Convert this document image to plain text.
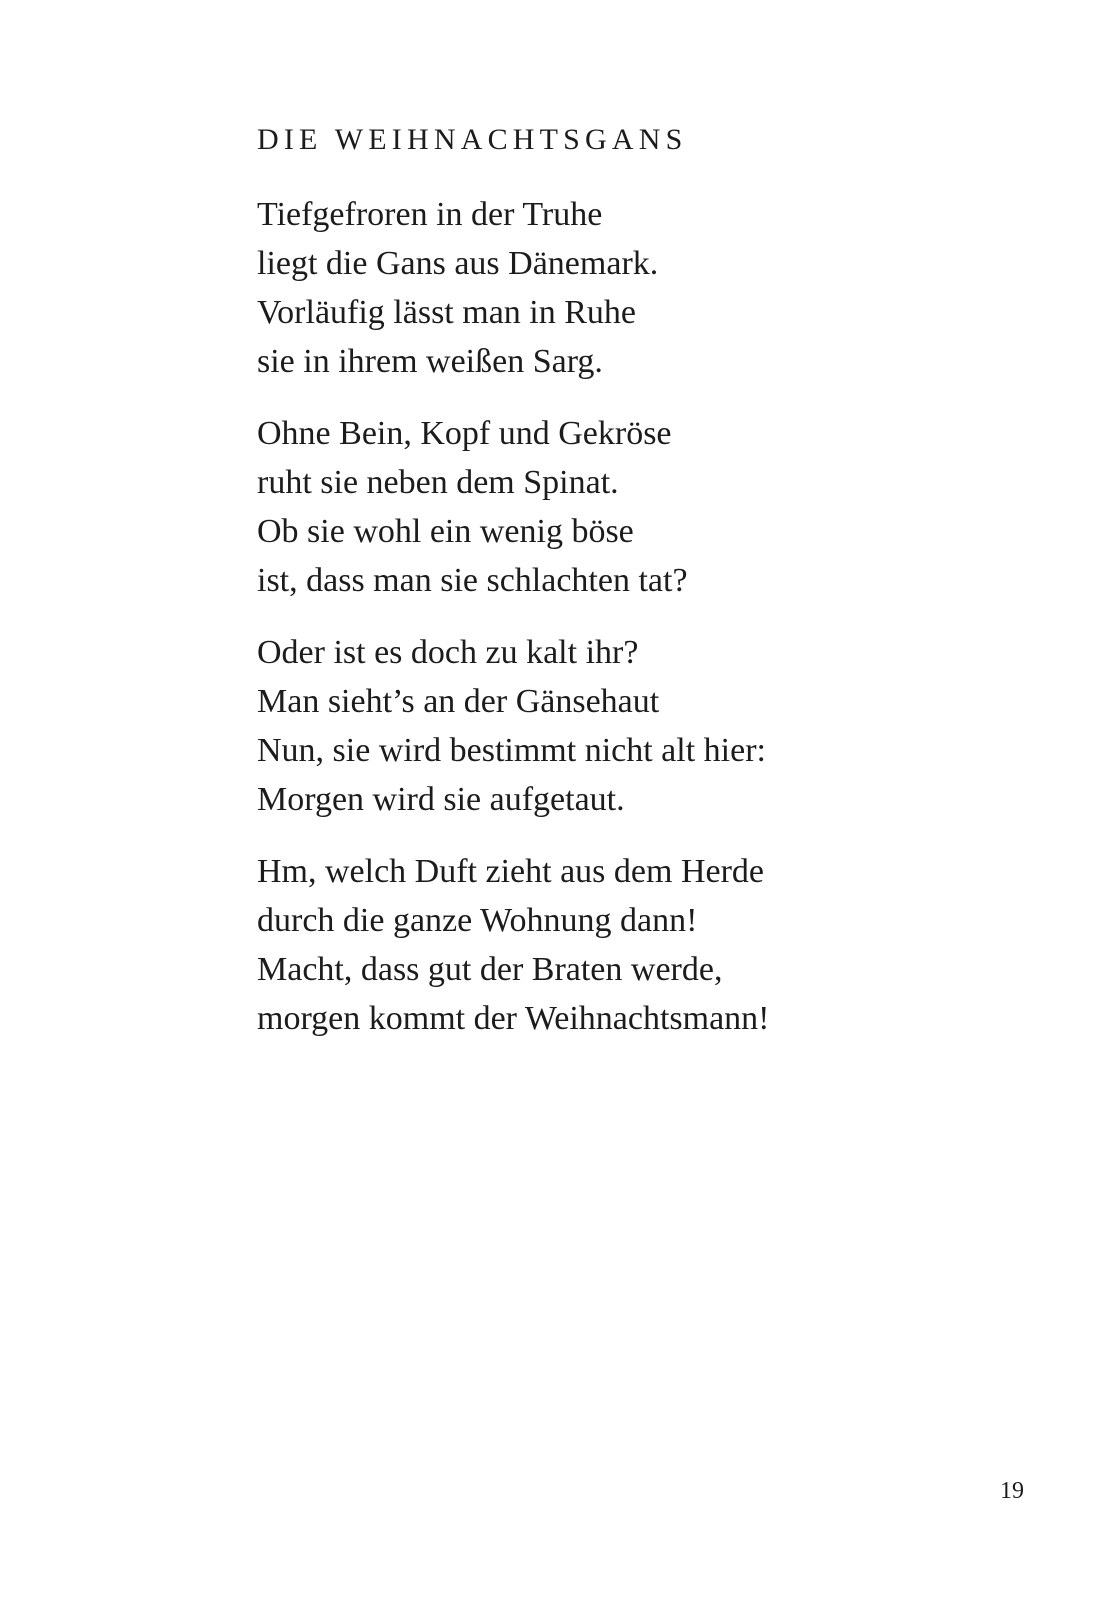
DIE WEIHNACHTSGANS
Tiefgefroren in der Truhe
liegt die Gans aus Dänemark.
Vorläufig lässt man in Ruhe
sie in ihrem weißen Sarg.
Ohne Bein, Kopf und Gekröse
ruht sie neben dem Spinat.
Ob sie wohl ein wenig böse
ist, dass man sie schlachten tat?
Oder ist es doch zu kalt ihr?
Man sieht’s an der Gänsehaut
Nun, sie wird bestimmt nicht alt hier:
Morgen wird sie aufgetaut.
Hm, welch Duft zieht aus dem Herde
durch die ganze Wohnung dann!
Macht, dass gut der Braten werde,
morgen kommt der Weihnachtsmann!
19
